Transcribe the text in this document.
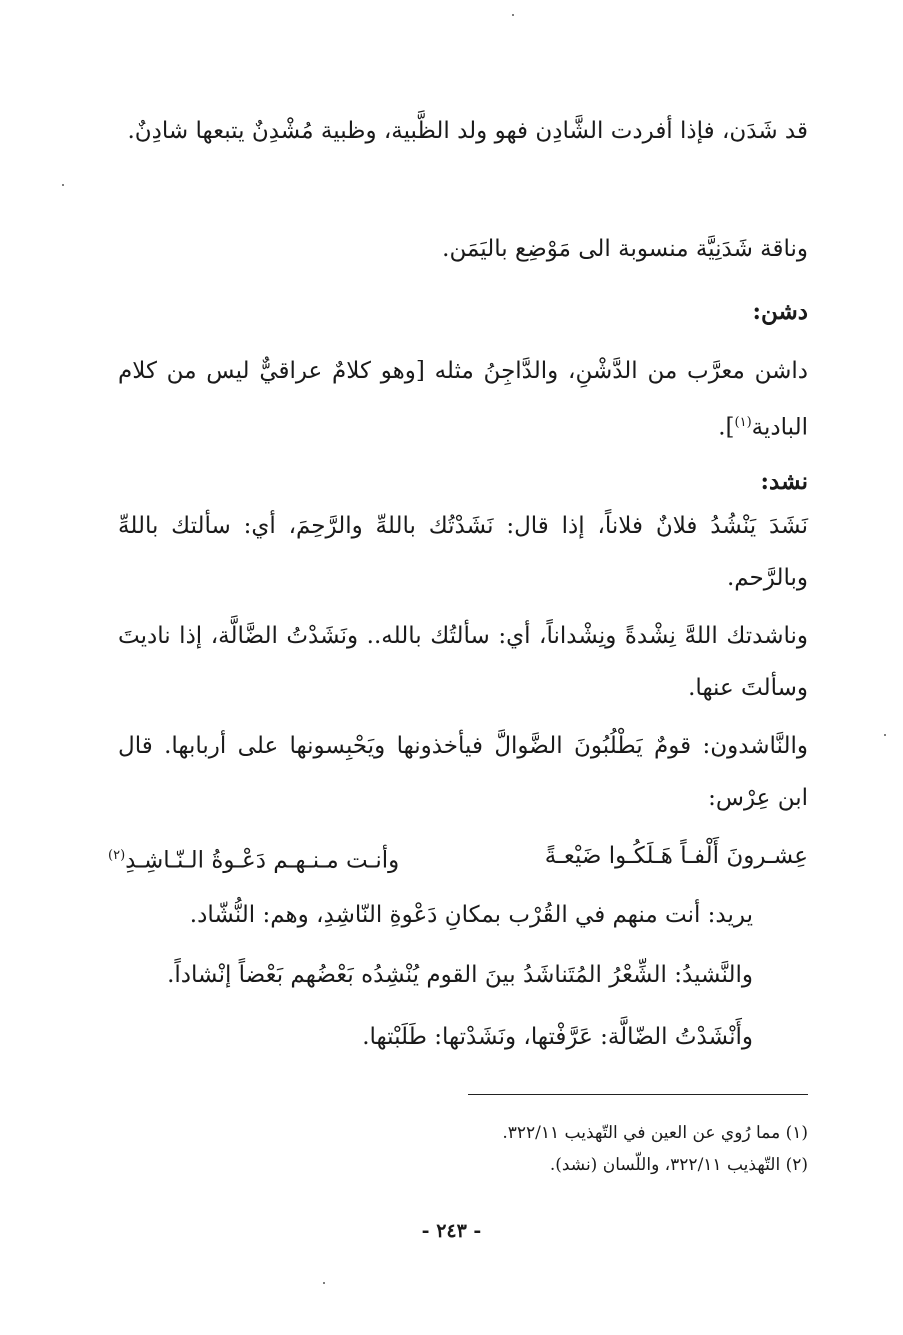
قد شَدَن، فإذا أفردت الشَّادِن فهو ولد الظَّبية، وظبية مُشْدِنٌ يتبعها شادِنٌ.

وناقة شَدَنِيَّة منسوبة الى مَوْضِع باليَمَن.

دشن:

داشن معرَّب من الدَّشْنِ، والدَّاجِنُ مثله [وهو كلامٌ عراقيٌّ ليس من كلام البادية$^{(١)}$].

نشد:

نَشَدَ يَنْشُدُ فلانٌ فلاناً، إذا قال: نَشَدْتُك باللهِّ والرَّحِمَ، أي: سألتك باللهِّ وبالرَّحم.

وناشدتك اللهَّ نِشْدةً ونِشْداناً، أي: سألتُك بالله.. ونَشَدْتُ الضَّالَّة، إذا ناديتَ وسألتَ عنها.

والنَّاشدون: قومٌ يَطْلُبُونَ الضَّوالَّ فيأخذونها ويَحْبِسونها على أربابها. قال ابن عِرْس:

عِشـرونَ أَلْفـاً هَـلَكُـوا ضَيْعـةً
وأنـت مـنـهـم دَعْـوةُ الـنّـاشِـدِ$^{(٢)}$

يريد: أنت منهم في القُرْب بمكانِ دَعْوةِ النّاشِدِ، وهم: النُّشّاد.

والنَّشيدُ: الشِّعْرُ المُتَناشَدُ بينَ القوم يُنْشِدُه بَعْضُهم بَعْضاً إنْشاداً.

وأَنْشَدْتُ الضّالَّة: عَرَّفْتها، ونَشَدْتها: طَلَبْتها.

(١) مما رُوي عن العين في التّهذيب ٣٢٢/١١.

(٢) التّهذيب ٣٢٢/١١، واللّسان (نشد).

- ٢٤٣ -
